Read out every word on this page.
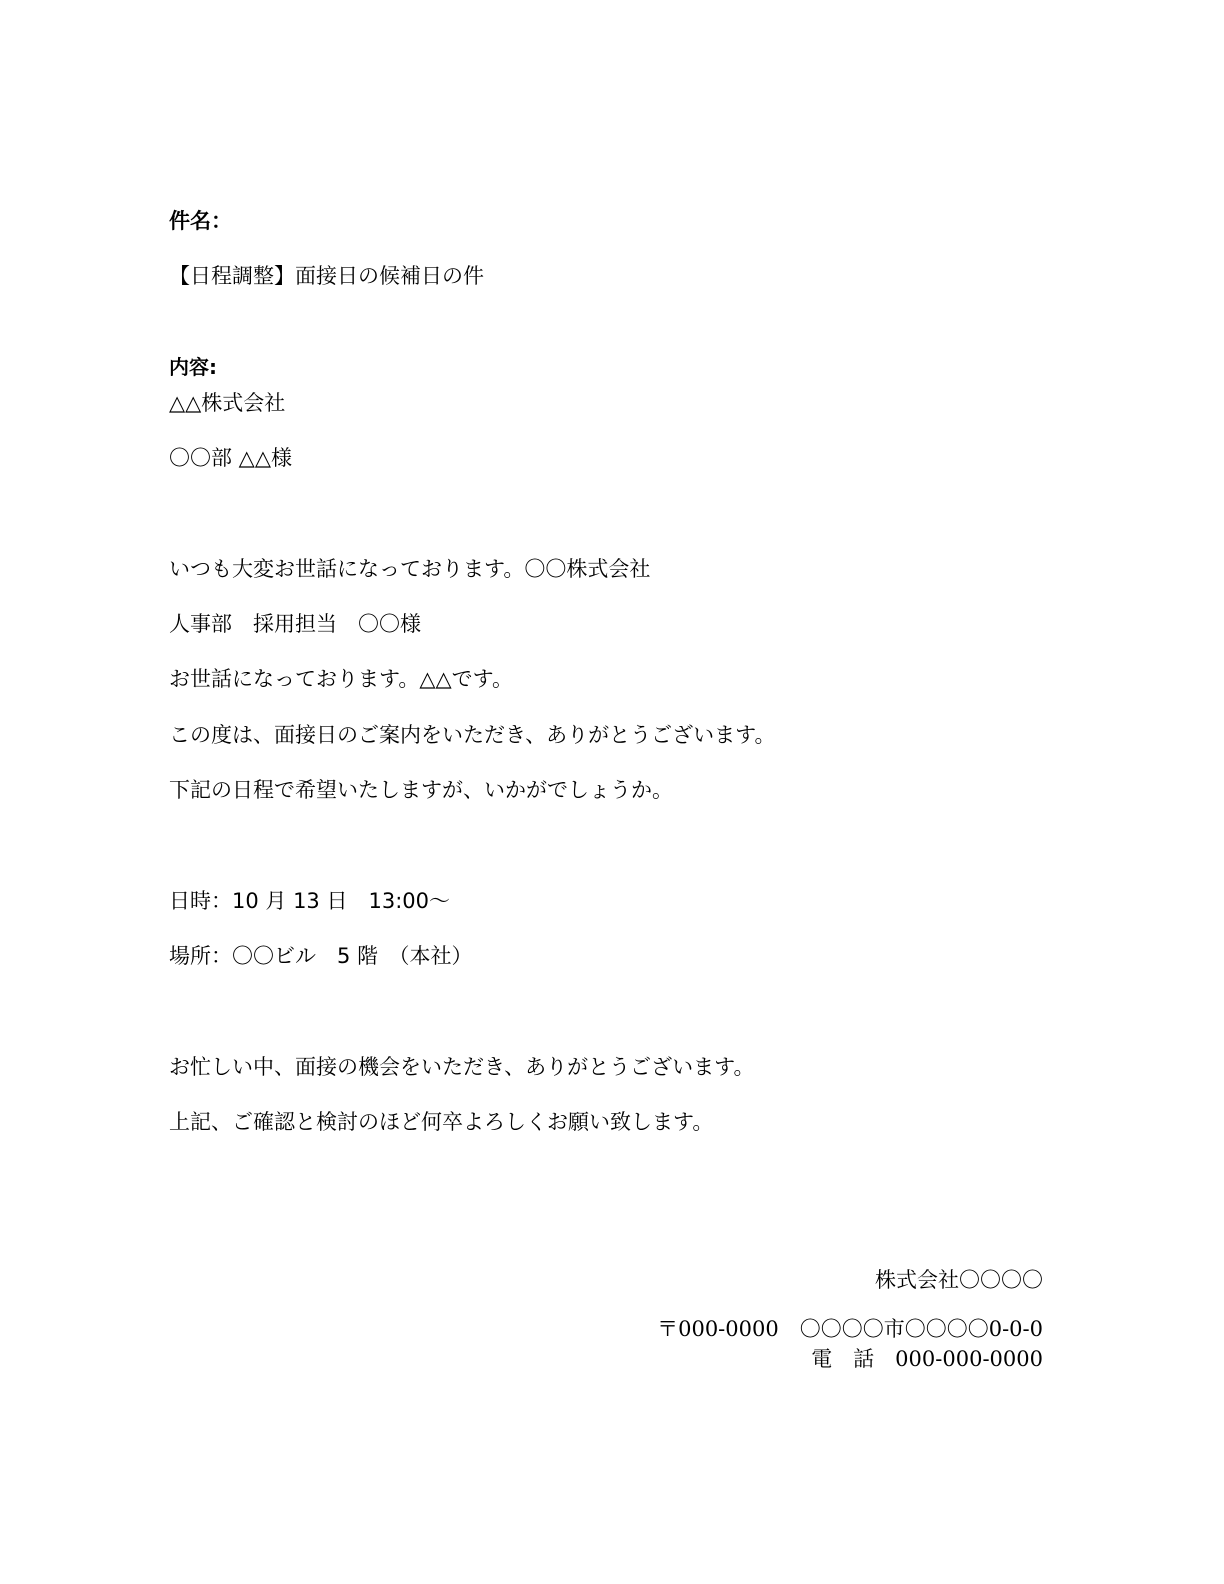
件名：
【日程調整】面接日の候補日の件
内容:
△△株式会社
〇〇部 △△様
いつも大変お世話になっております。〇〇株式会社
人事部　採用担当　〇〇様
お世話になっております。△△です。
この度は、面接日のご案内をいただき、ありがとうございます。
下記の日程で希望いたしますが、いかがでしょうか。
日時：10 月 13 日　13:00〜
場所：〇〇ビル　5 階　（本社）
お忙しい中、面接の機会をいただき、ありがとうございます。
上記、ご確認と検討のほど何卒よろしくお願い致します。
株式会社〇〇〇〇
〒000-0000　〇〇〇〇市〇〇〇〇0-0-0
電　話　000-000-0000
